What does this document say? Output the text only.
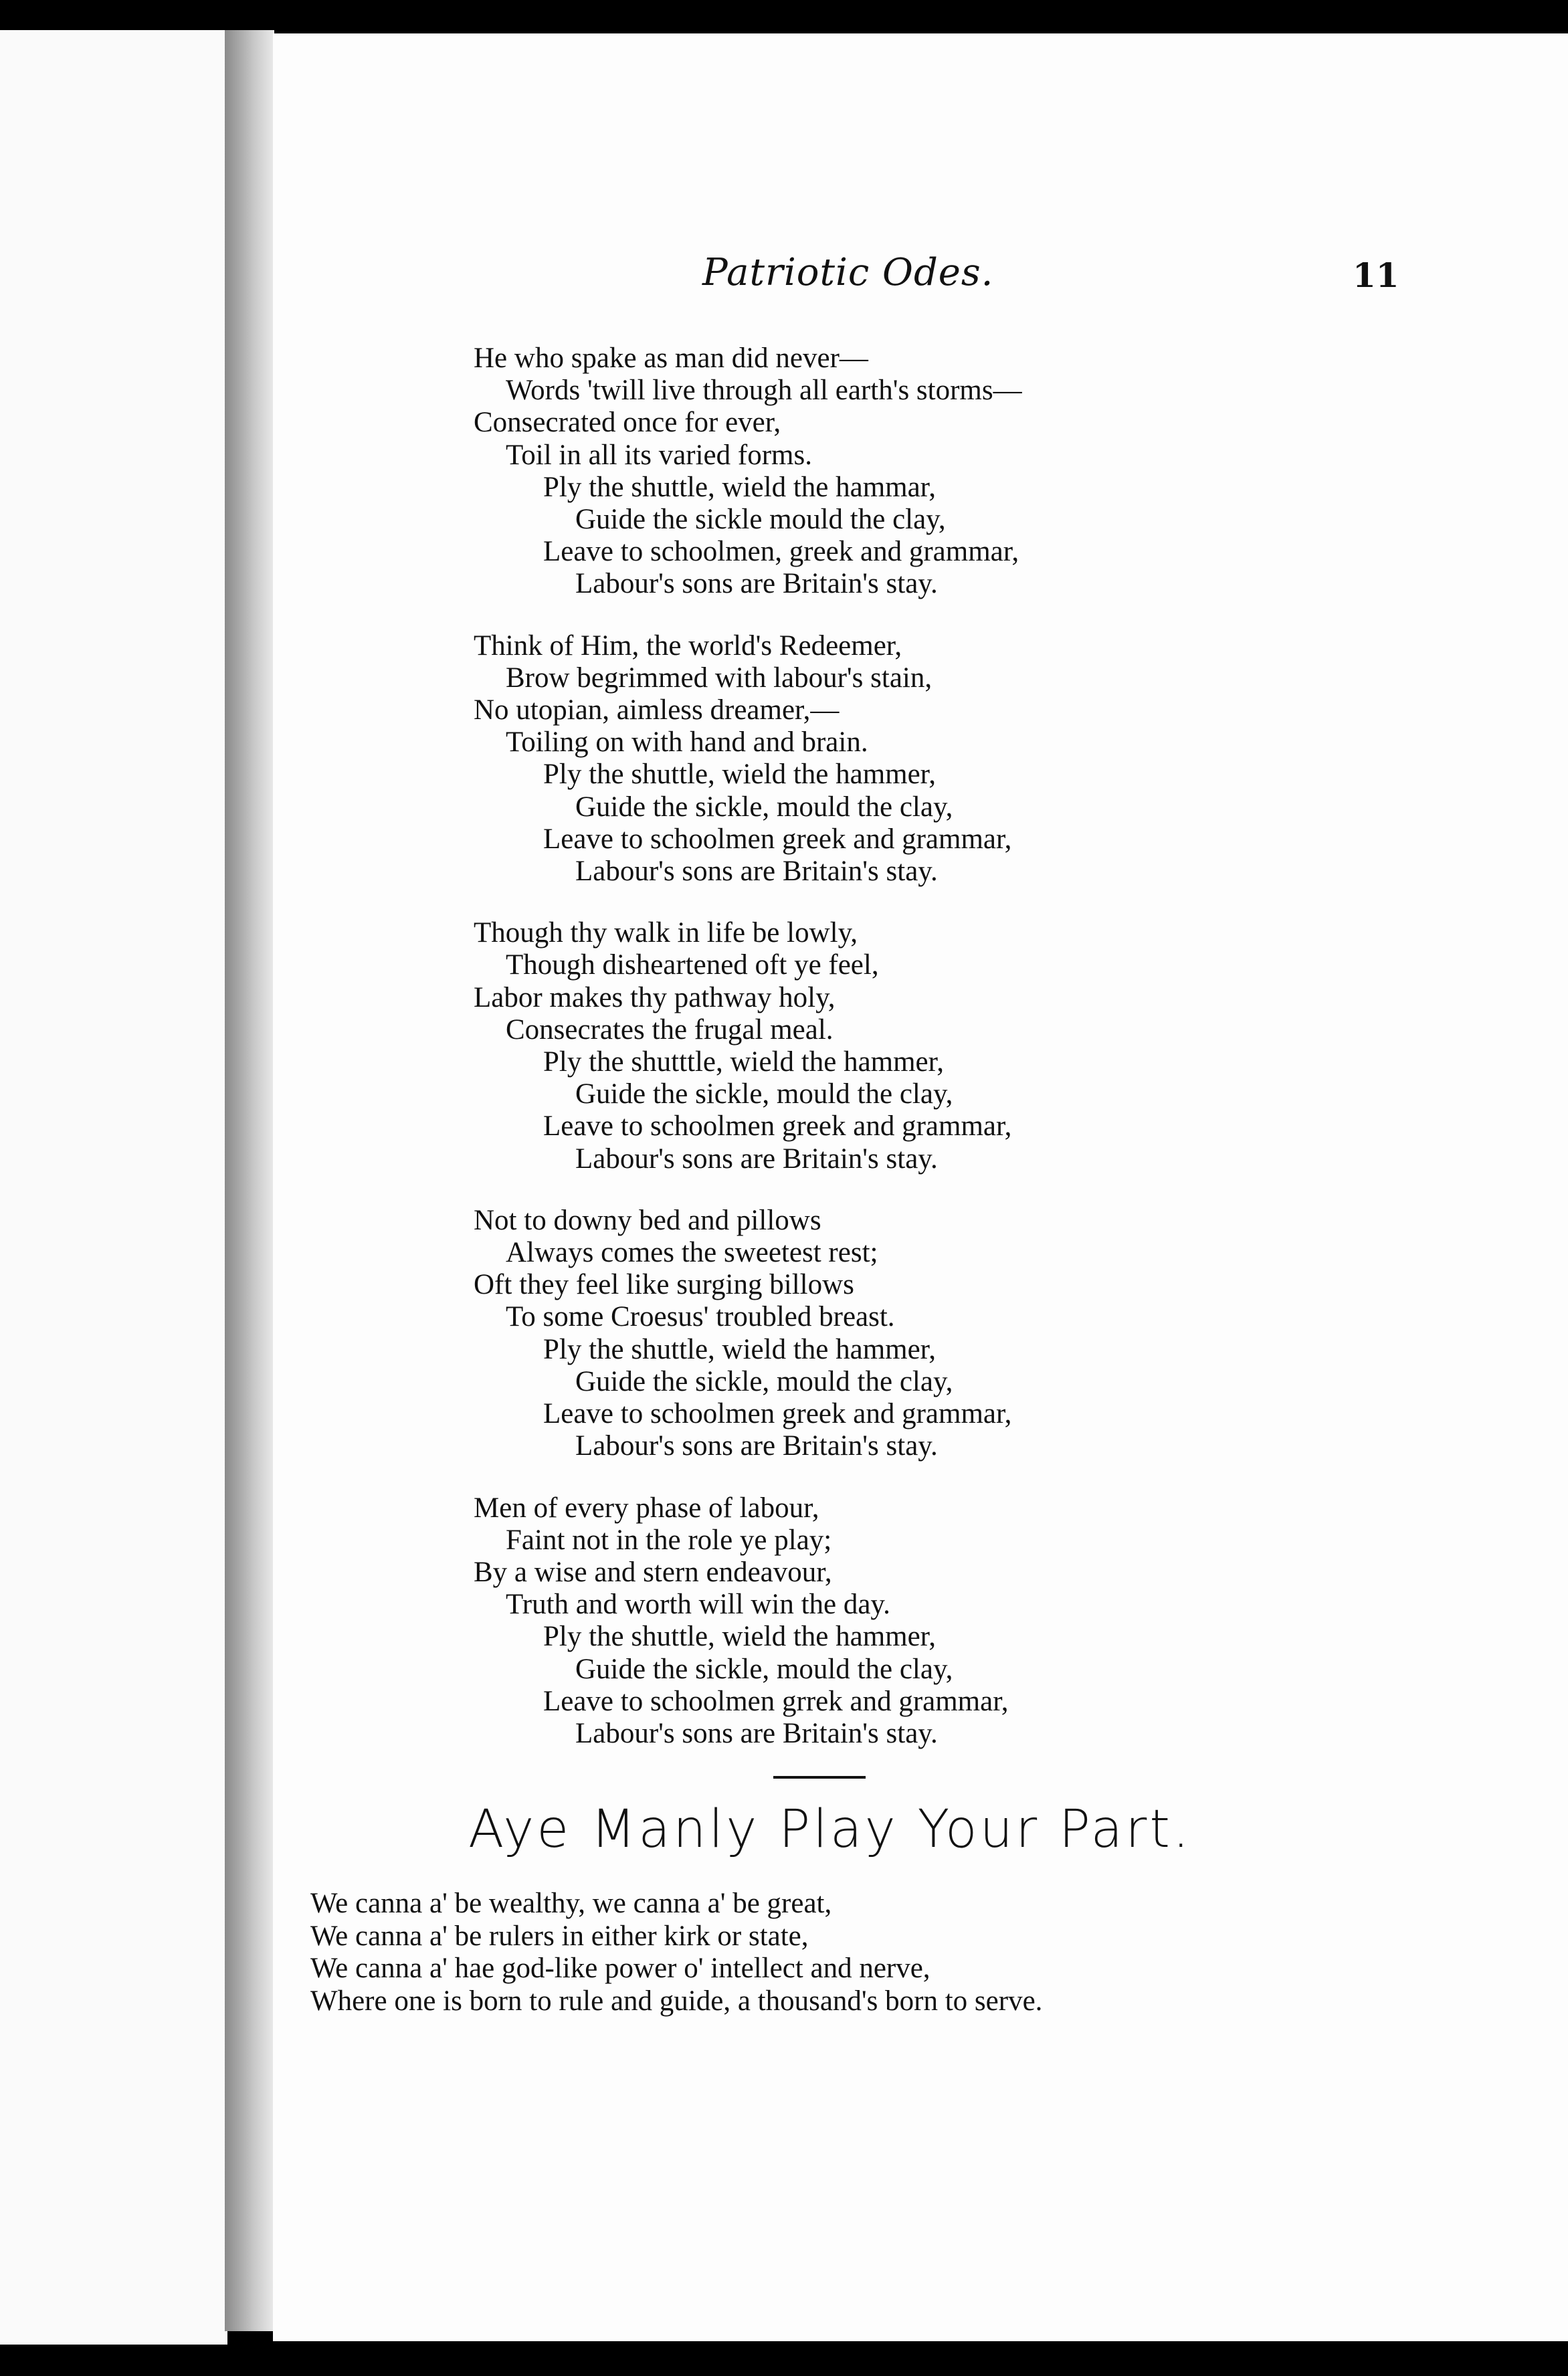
Patriotic Odes.	11
He who spake as man did never—
Words 'twill live through all earth's storms—
Consecrated once for ever,
Toil in all its varied forms.
Ply the shuttle, wield the hammar,
Guide the sickle mould the clay,
Leave to schoolmen, greek and grammar,
Labour's sons are Britain's stay.
Think of Him, the world's Redeemer,
Brow begrimmed with labour's stain,
No utopian, aimless dreamer,—
Toiling on with hand and brain.
Ply the shuttle, wield the hammer,
Guide the sickle, mould the clay,
Leave to schoolmen greek and grammar,
Labour's sons are Britain's stay.
Though thy walk in life be lowly,
Though disheartened oft ye feel,
Labor makes thy pathway holy,
Consecrates the frugal meal.
Ply the shutttle, wield the hammer,
Guide the sickle, mould the clay,
Leave to schoolmen greek and grammar,
Labour's sons are Britain's stay.
Not to downy bed and pillows
Always comes the sweetest rest;
Oft they feel like surging billows
To some Croesus' troubled breast.
Ply the shuttle, wield the hammer,
Guide the sickle, mould the clay,
Leave to schoolmen greek and grammar,
Labour's sons are Britain's stay.
Men of every phase of labour,
Faint not in the role ye play;
By a wise and stern endeavour,
Truth and worth will win the day.
Ply the shuttle, wield the hammer,
Guide the sickle, mould the clay,
Leave to schoolmen grrek and grammar,
Labour's sons are Britain's stay.
Aye Manly Play Your Part.
We canna a' be wealthy, we canna a' be great,
We canna a' be rulers in either kirk or state,
We canna a' hae god-like power o' intellect and nerve,
Where one is born to rule and guide, a thousand's born to serve.
